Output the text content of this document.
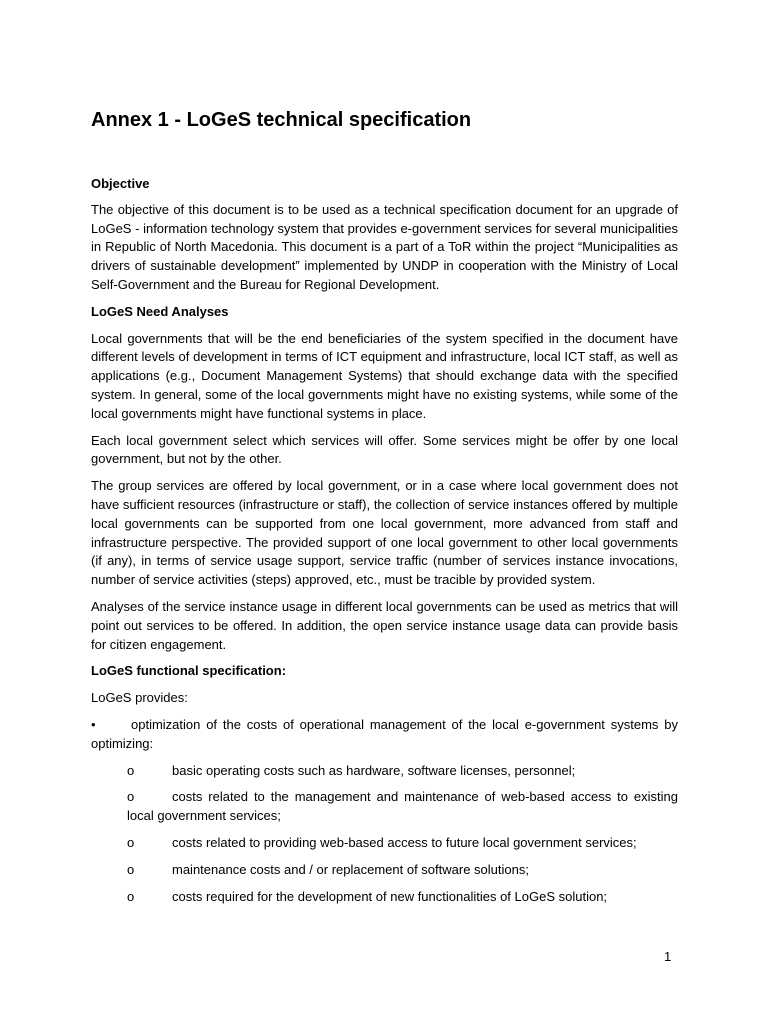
Annex 1 - LoGeS technical specification

Objective

The objective of this document is to be used as a technical specification document for an upgrade of LoGeS - information technology system that provides e-government services for several municipalities in Republic of North Macedonia. This document is a part of a ToR within the project “Municipalities as drivers of sustainable development” implemented by UNDP in cooperation with the Ministry of Local Self-Government and the Bureau for Regional Development.

LoGeS Need Analyses

Local governments that will be the end beneficiaries of the system specified in the document have different levels of development in terms of ICT equipment and infrastructure, local ICT staff, as well as applications (e.g., Document Management Systems) that should exchange data with the specified system. In general, some of the local governments might have no existing systems, while some of the local governments might have functional systems in place.

Each local government select which services will offer. Some services might be offer by one local government, but not by the other.

The group services are offered by local government, or in a case where local government does not have sufficient resources (infrastructure or staff), the collection of service instances offered by multiple local governments can be supported from one local government, more advanced from staff and infrastructure perspective. The provided support of one local government to other local governments (if any), in terms of service usage support, service traffic (number of services instance invocations, number of service activities (steps) approved, etc., must be tracible by provided system.

Analyses of the service instance usage in different local governments can be used as metrics that will point out services to be offered. In addition, the open service instance usage data can provide basis for citizen engagement.

LoGeS functional specification:

LoGeS provides:

•	optimization of the costs of operational management of the local e-government systems by optimizing:

o	basic operating costs such as hardware, software licenses, personnel;

o	costs related to the management and maintenance of web-based access to existing local government services;

o	costs related to providing web-based access to future local government services;

o	maintenance costs and / or replacement of software solutions;

o	costs required for the development of new functionalities of LoGeS solution;

1
